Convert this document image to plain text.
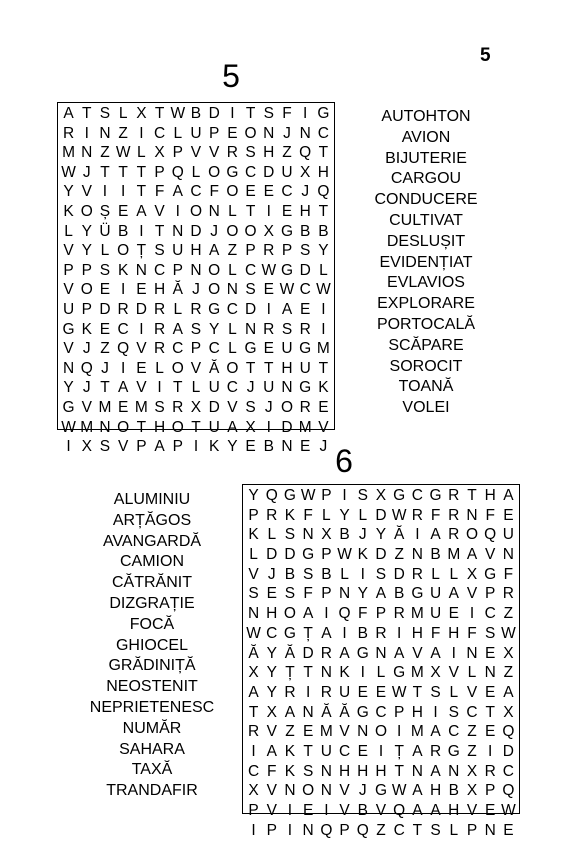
5
5
A T S L X T W B D I T S F I G
R I N Z I C L U P E O N J N C
M N Z W L X P V V R S H Z Q T
W J T T T P Q L O G C D U X H
Y V I I T F A C F O E E C J Q
K O Ș E A V I O N L T I E H T
L Y Ü B I T N D J O O X G B B
V Y L O Ț S U H A Z P R P S Y
P P S K N C P N O L C W G D L
V O E I E H Ă J O N S E W C W
U P D R D R L R G C D I A E I
G K E C I R A S Y L N R S R I
V J Z Q V R C P C L G E U G M
N Q J I E L O V Ă O T T H U T
Y J T A V I T L U C J U N G K
G V M E M S R X D V S J O R E
W M N O T H O T U A X I D M V
I X S V P A P I K Y E B N E J
AUTOHTON
AVION
BIJUTERIE
CARGOU
CONDUCERE
CULTIVAT
DESLUȘIT
EVIDENȚIAT
EVLAVIOS
EXPLORARE
PORTOCALĂ
SCĂPARE
SOROCIT
TOANĂ
VOLEI
6
Y Q G W P I S X G C G R T H A
P R K F L Y L D W R F R N F E
K L S N X B J Y Ă I A R O Q U
L D D G P W K D Z N B M A V N
V J B S B L I S D R L L X G F
S E S F P N Y A B G U A V P R
N H O A I Q F P R M U E I C Z
W C G Ț A I B R I H F H F S W
Ă Y Ă D R A G N A V A I N E X
X Y Ț T N K I L G M X V L N Z
A Y R I R U E E W T S L V E A
T X A N Ă Ă G C P H I S C T X
R V Z E M V N O I M A C Z E Q
I A K T U C E I Ț A R G Z I D
C F K S N H H H T N A N X R C
X V N O N V J G W A H B X P Q
P V I E I V B V Q A A H V E W
I P I N Q P Q Z C T S L P N E
ALUMINIU
ARȚĂGOS
AVANGARDĂ
CAMION
CĂTRĂNIT
DIZGRAȚIE
FOCĂ
GHIOCEL
GRĂDINIȚĂ
NEOSTENIT
NEPRIETENESC
NUMĂR
SAHARA
TAXĂ
TRANDAFIR
